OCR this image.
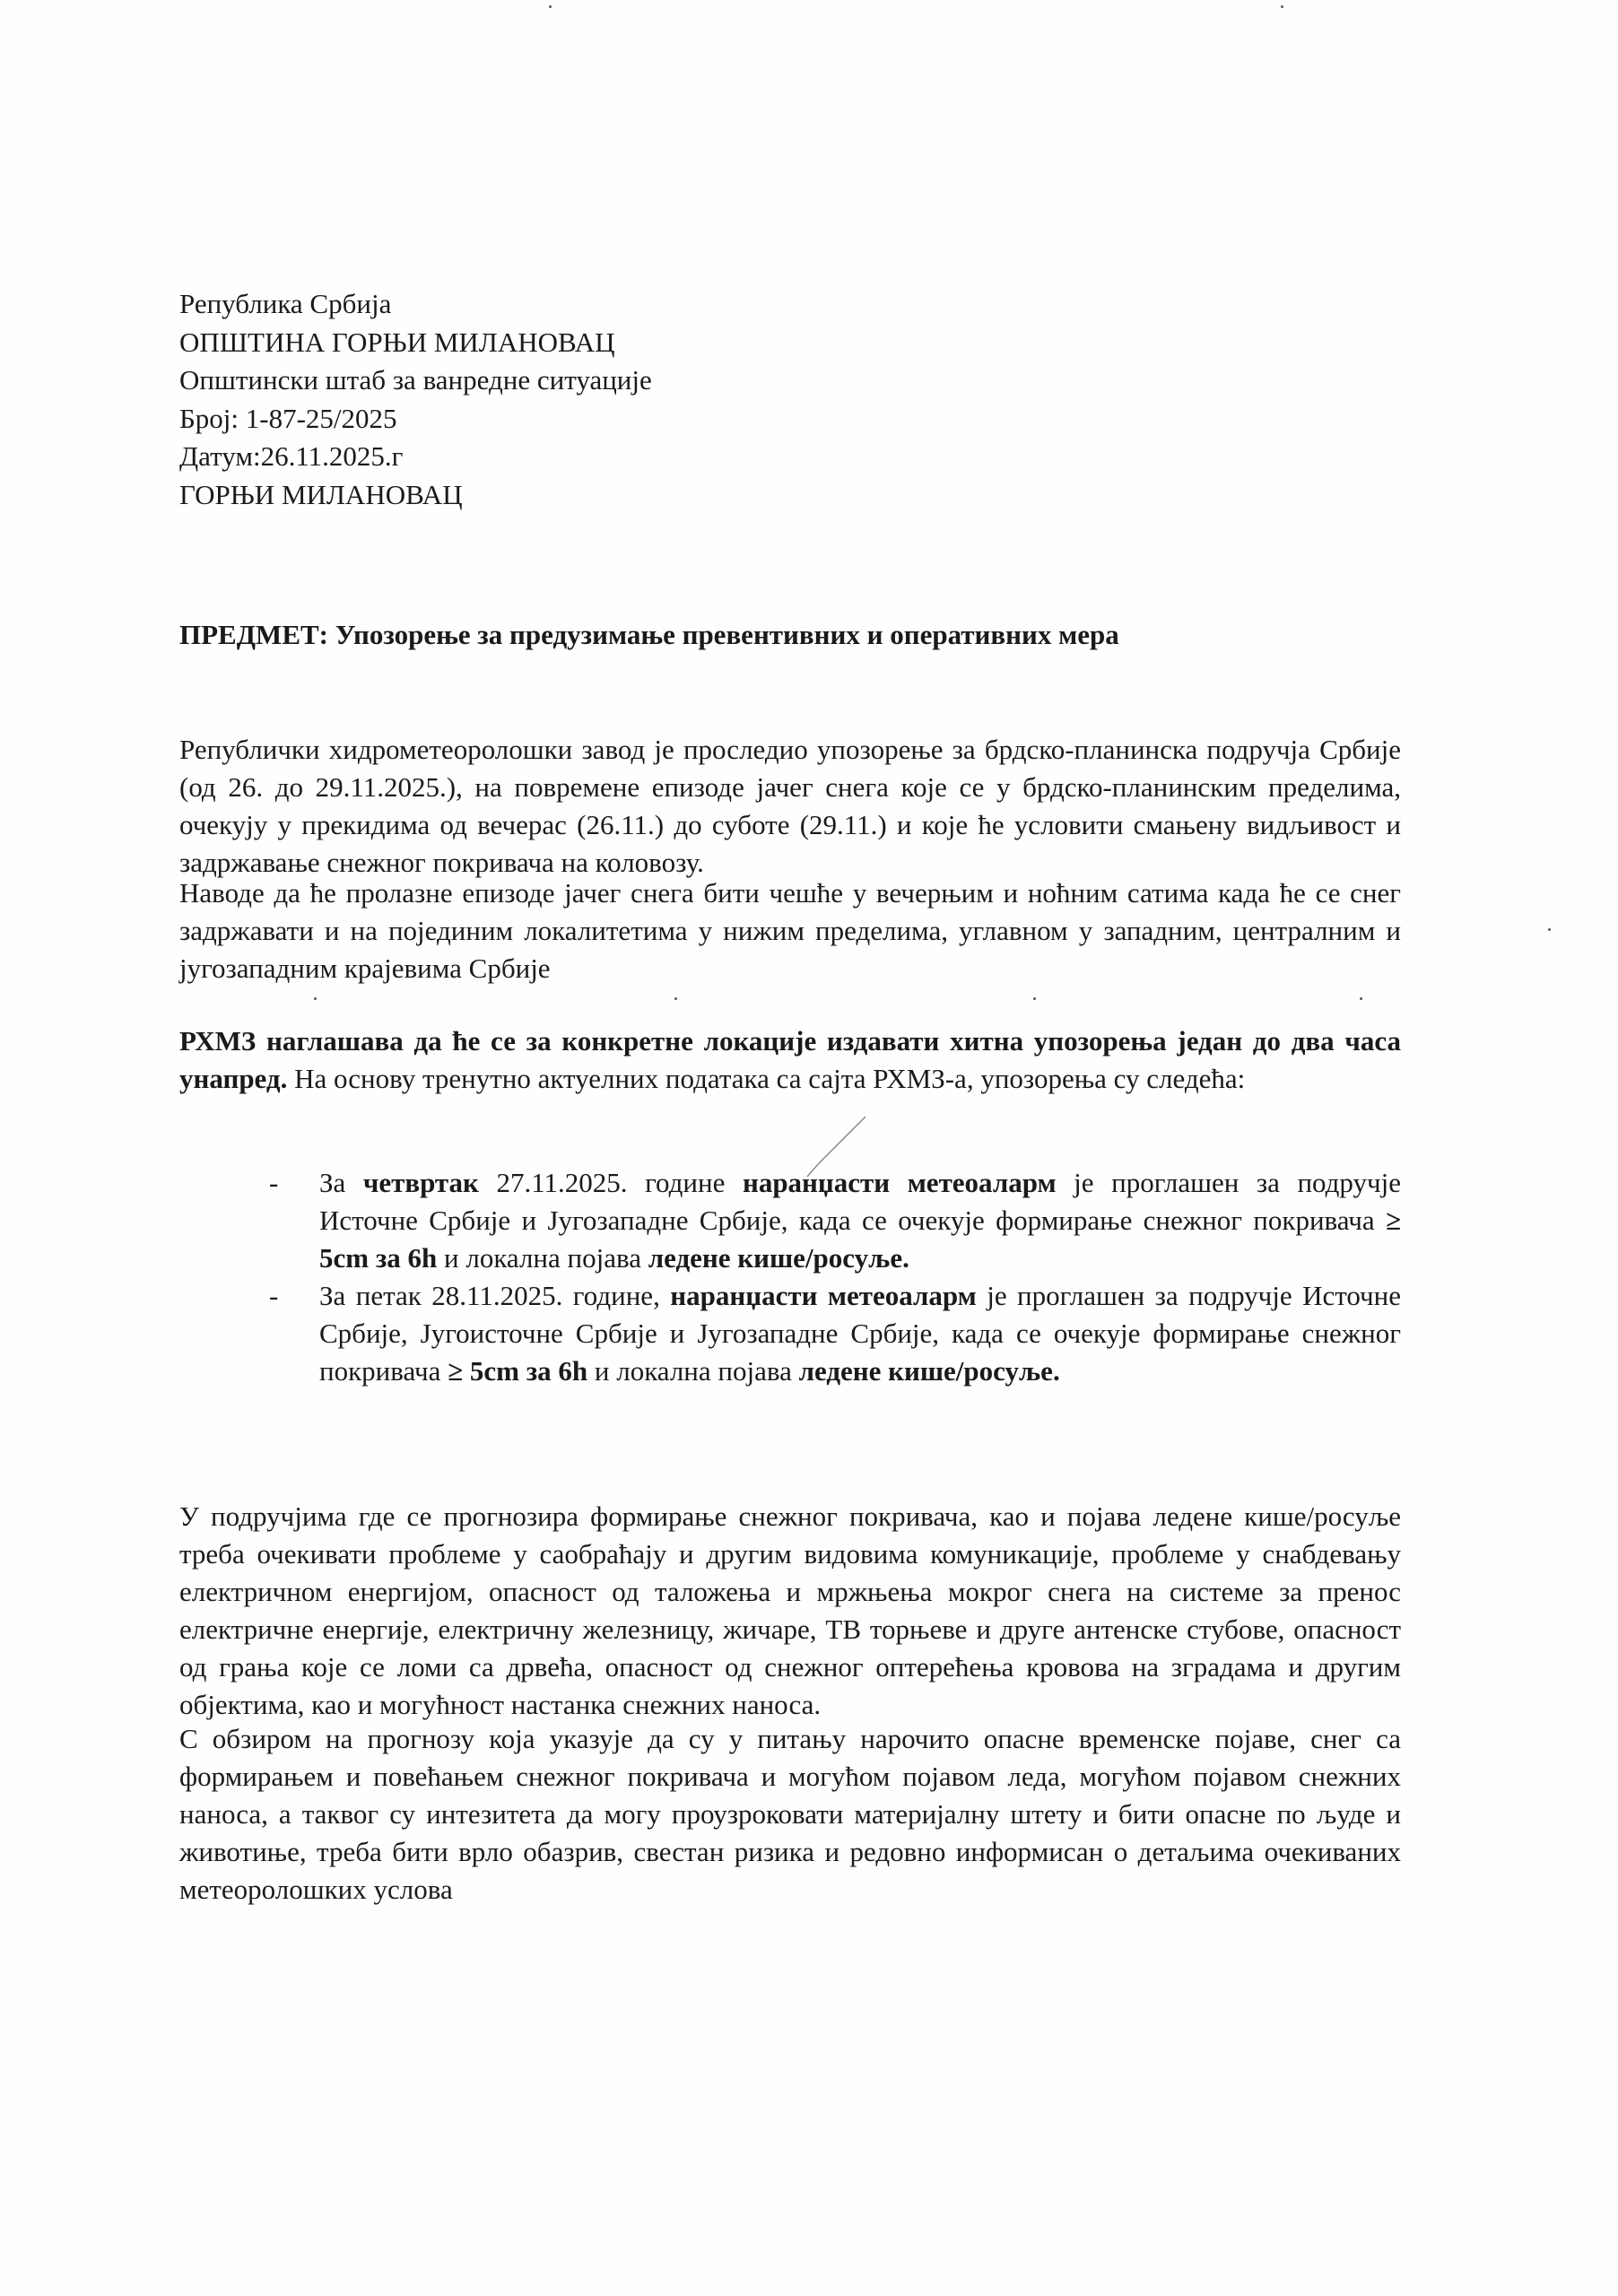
Република Србија
ОПШТИНА ГОРЊИ МИЛАНОВАЦ
Општински штаб за ванредне ситуације
Број: 1-87-25/2025
Датум:26.11.2025.г
ГОРЊИ МИЛАНОВАЦ
ПРЕДМЕТ: Упозорење за предузимање превентивних и оперативних мера
Републички хидрометеоролошки завод је проследио упозорење за брдско-планинска подручја Србије (од 26. до 29.11.2025.), на повремене епизоде јачег снега које се у брдско-планинским пределима, очекују у прекидима од вечерас (26.11.) до суботе (29.11.) и које ће условити смањену видљивост и задржавање снежног покривача на коловозу.
Наводе да ће пролазне епизоде јачег снега бити чешће у вечерњим и ноћним сатима када ће се снег задржавати и на појединим локалитетима у нижим пределима, углавном у западним, централним и југозападним крајевима Србије
РХМЗ наглашава да ће се за конкретне локације издавати хитна упозорења један до два часа унапред. На основу тренутно актуелних података са сајта РХМЗ-а, упозорења су следећа:
- За четвртак 27.11.2025. године наранџасти метеоаларм је проглашен за подручје Источне Србије и Југозападне Србије, када се очекује формирање снежног покривача ≥ 5cm за 6h и локална појава ледене кише/росуље.
- За петак 28.11.2025. године, наранџасти метеоаларм је проглашен за подручје Источне Србије, Југоисточне Србије и Југозападне Србије, када се очекује формирање снежног покривача ≥ 5cm за 6h и локална појава ледене кише/росуље.
У подручјима где се прогнозира формирање снежног покривача, као и појава ледене кише/росуље треба очекивати проблеме у саобраћају и другим видовима комуникације, проблеме у снабдевању електричном енергијом, опасност од таложења и мржњења мокрог снега на системе за пренос електричне енергије, електричну железницу, жичаре, ТВ торњеве и друге антенске стубове, опасност од грања које се ломи са дрвећа, опасност од снежног оптерећења кровова на зградама и другим објектима, као и могућност настанка снежних наноса.
С обзиром на прогнозу која указује да су у питању нарочито опасне временске појаве, снег са формирањем и повећањем снежног покривача и могућом појавом леда, могућом појавом снежних наноса, а таквог су интезитета да могу проузроковати материјалну штету и бити опасне по људе и животиње, треба бити врло обазрив, свестан ризика и редовно информисан о детаљима очекиваних метеоролошких услова
